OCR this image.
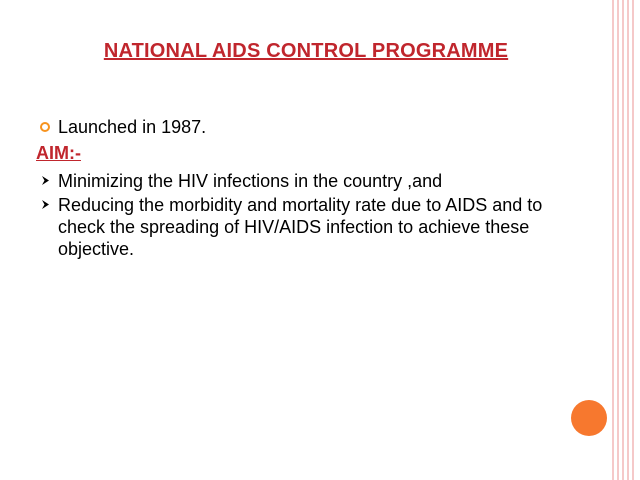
NATIONAL AIDS CONTROL PROGRAMME
Launched in 1987.
AIM:-
Minimizing the HIV infections in the country ,and
Reducing the morbidity and mortality rate due to AIDS and to check the spreading of HIV/AIDS infection to achieve these objective.
